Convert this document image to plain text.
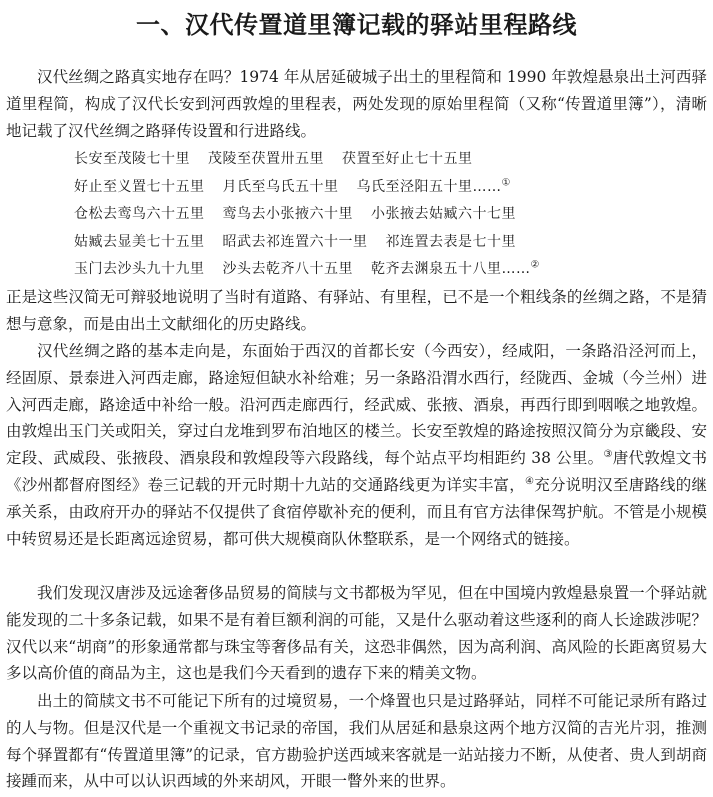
一、汉代传置道里簿记载的驿站里程路线

汉代丝绸之路真实地存在吗？1974 年从居延破城子出土的里程简和 1990 年敦煌悬泉出土河西驿道里程简，构成了汉代长安到河西敦煌的里程表，两处发现的原始里程简（又称“传置道里簿”），清晰地记载了汉代丝绸之路驿传设置和行进路线。

长安至茂陵七十里 茂陵至茯置卅五里 茯置至好止七十五里
好止至义置七十五里 月氏至乌氏五十里 乌氏至泾阳五十里……①
仓松去鸾鸟六十五里 鸾鸟去小张掖六十里 小张掖去姑臧六十七里
姑臧去显美七十五里 昭武去祁连置六十一里 祁连置去表是七十里
玉门去沙头九十九里 沙头去乾齐八十五里 乾齐去渊泉五十八里……②

正是这些汉简无可辩驳地说明了当时有道路、有驿站、有里程，已不是一个粗线条的丝绸之路，不是猜想与意象，而是由出土文献细化的历史路线。

汉代丝绸之路的基本走向是，东面始于西汉的首都长安（今西安），经咸阳，一条路沿泾河而上，经固原、景泰进入河西走廊，路途短但缺水补给难；另一条路沿渭水西行，经陇西、金城（今兰州）进入河西走廊，路途适中补给一般。沿河西走廊西行，经武威、张掖、酒泉，再西行即到咽喉之地敦煌。由敦煌出玉门关或阳关，穿过白龙堆到罗布泊地区的楼兰。长安至敦煌的路途按照汉简分为京畿段、安定段、武威段、张掖段、酒泉段和敦煌段等六段路线，每个站点平均相距约 38 公里。③唐代敦煌文书《沙州都督府图经》卷三记载的开元时期十九站的交通路线更为详实丰富，④充分说明汉至唐路线的继承关系，由政府开办的驿站不仅提供了食宿停歇补充的便利，而且有官方法律保驾护航。不管是小规模中转贸易还是长距离远途贸易，都可供大规模商队休整联系，是一个网络式的链接。

我们发现汉唐涉及远途奢侈品贸易的简牍与文书都极为罕见，但在中国境内敦煌悬泉置一个驿站就能发现的二十多条记载，如果不是有着巨额利润的可能，又是什么驱动着这些逐利的商人长途跋涉呢？汉代以来“胡商”的形象通常都与珠宝等奢侈品有关，这恐非偶然，因为高利润、高风险的长距离贸易大多以高价值的商品为主，这也是我们今天看到的遗存下来的精美文物。

出土的简牍文书不可能记下所有的过境贸易，一个烽置也只是过路驿站，同样不可能记录所有路过的人与物。但是汉代是一个重视文书记录的帝国，我们从居延和悬泉这两个地方汉简的吉光片羽，推测每个驿置都有“传置道里簿”的记录，官方勘验护送西域来客就是一站站接力不断，从使者、贵人到胡商接踵而来，从中可以认识西域的外来胡风，开眼一瞥外来的世界。
